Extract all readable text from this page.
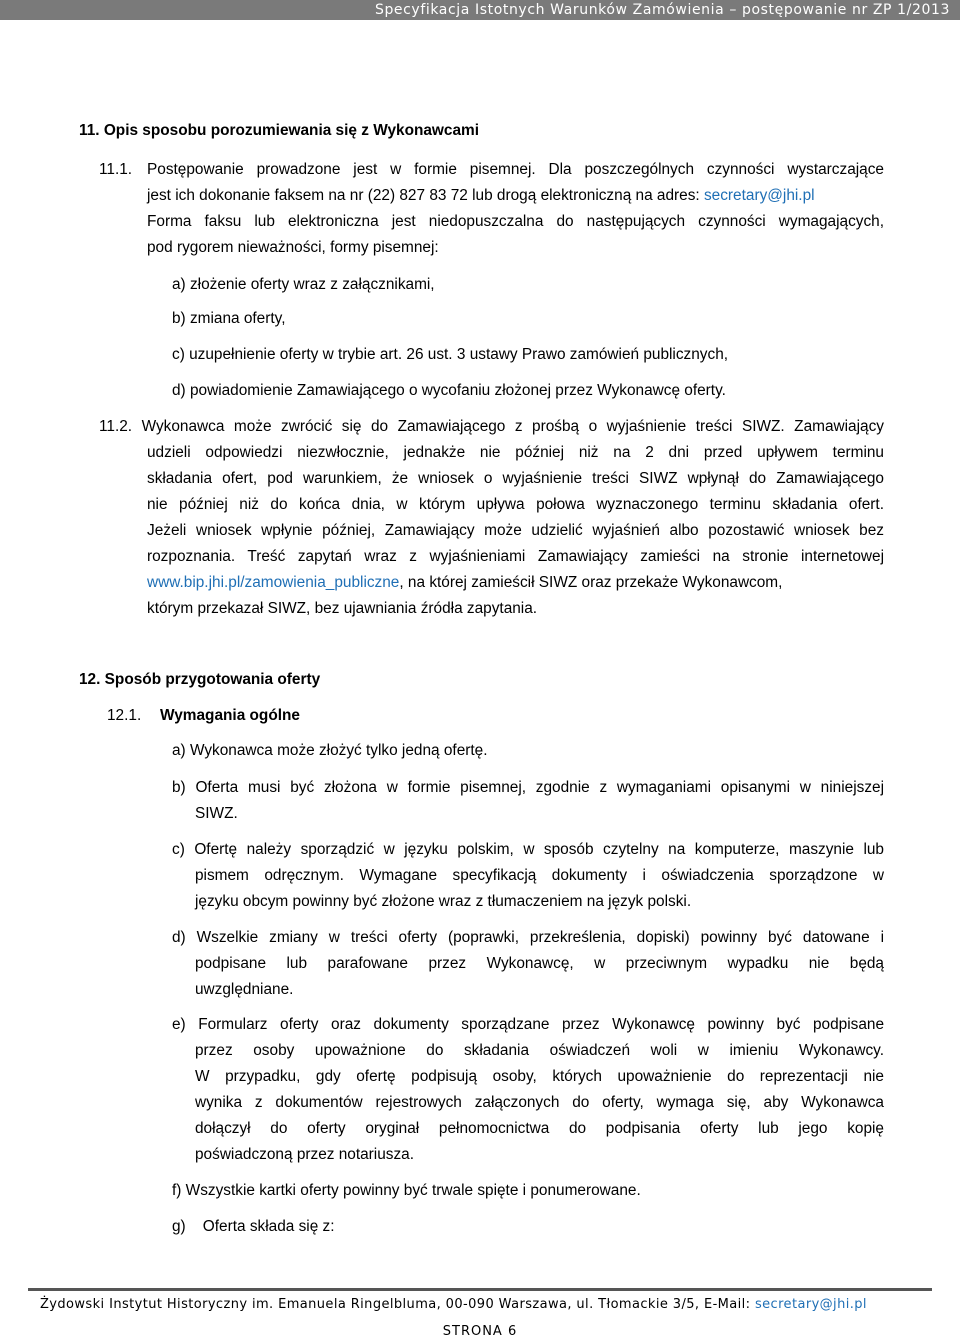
Specyfikacja Istotnych Warunków Zamówienia – postępowanie nr ZP 1/2013
11. Opis sposobu porozumiewania się z Wykonawcami
11.1. Postępowanie prowadzone jest w formie pisemnej. Dla poszczególnych czynności wystarczające
jest ich dokonanie faksem na nr (22) 827 83 72 lub drogą elektroniczną na adres: secretary@jhi.pl
Forma faksu lub elektroniczna jest niedopuszczalna do następujących czynności wymagających,
pod rygorem nieważności, formy pisemnej:
a) złożenie oferty wraz z załącznikami,
b) zmiana oferty,
c) uzupełnienie oferty w trybie art. 26 ust. 3 ustawy Prawo zamówień publicznych,
d) powiadomienie Zamawiającego o wycofaniu złożonej przez Wykonawcę oferty.
11.2. Wykonawca może zwrócić się do Zamawiającego z prośbą o wyjaśnienie treści SIWZ. Zamawiający
udzieli odpowiedzi niezwłocznie, jednakże nie później niż na 2 dni przed upływem terminu
składania ofert, pod warunkiem, że wniosek o wyjaśnienie treści SIWZ wpłynął do Zamawiającego
nie później niż do końca dnia, w którym upływa połowa wyznaczonego terminu składania ofert.
Jeżeli wniosek wpłynie później, Zamawiający może udzielić wyjaśnień albo pozostawić wniosek bez
rozpoznania. Treść zapytań wraz z wyjaśnieniami Zamawiający zamieści na stronie internetowej
www.bip.jhi.pl/zamowienia_publiczne, na której zamieścił SIWZ oraz przekaże Wykonawcom,
którym przekazał SIWZ, bez ujawniania źródła zapytania.
12. Sposób przygotowania oferty
12.1. Wymagania ogólne
a) Wykonawca może złożyć tylko jedną ofertę.
b) Oferta musi być złożona w formie pisemnej, zgodnie z wymaganiami opisanymi w niniejszej
SIWZ.
c) Ofertę należy sporządzić w języku polskim, w sposób czytelny na komputerze, maszynie lub
pismem odręcznym. Wymagane specyfikacją dokumenty i oświadczenia sporządzone w
języku obcym powinny być złożone wraz z tłumaczeniem na język polski.
d) Wszelkie zmiany w treści oferty (poprawki, przekreślenia, dopiski) powinny być datowane i
podpisane lub parafowane przez Wykonawcę, w przeciwnym wypadku nie będą
uwzględniane.
e) Formularz oferty oraz dokumenty sporządzane przez Wykonawcę powinny być podpisane
przez osoby upoważnione do składania oświadczeń woli w imieniu Wykonawcy.
W przypadku, gdy ofertę podpisują osoby, których upoważnienie do reprezentacji nie
wynika z dokumentów rejestrowych załączonych do oferty, wymaga się, aby Wykonawca
dołączył do oferty oryginał pełnomocnictwa do podpisania oferty lub jego kopię
poświadczoną przez notariusza.
f) Wszystkie kartki oferty powinny być trwale spięte i ponumerowane.
g)    Oferta składa się z:
Żydowski Instytut Historyczny im. Emanuela Ringelbluma, 00-090 Warszawa, ul. Tłomackie 3/5, E-Mail: secretary@jhi.pl
STRONA 6
